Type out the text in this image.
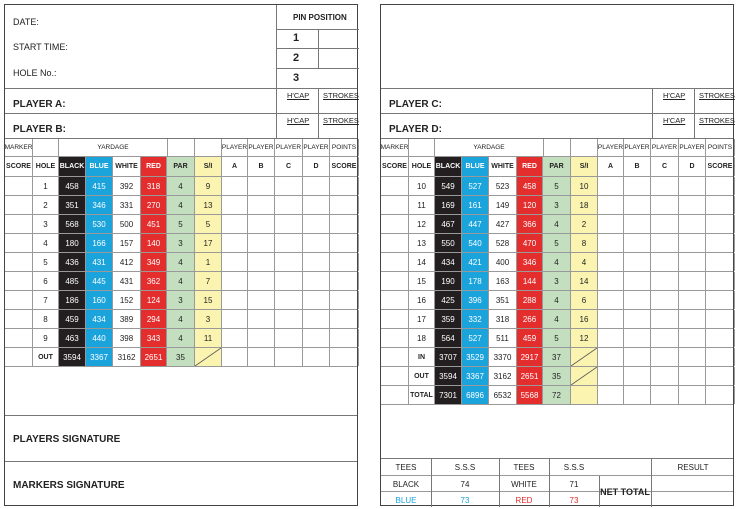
DATE:
START TIME:
HOLE No.:
PIN POSITION
1
2
3
PLAYER A:
H'CAP STROKES
PLAYER B:
H'CAP STROKES
MARKER	YARDAGE	PLAYER PLAYER PLAYER PLAYER POINTS
SCORE HOLE BLACK BLUE WHITE	RED	PAR	S/I	A	B	C	D	SCORE
1	458	415	392	318	4	9
2	351	346	331	270	4	13
3	568	530	500	451	5	5
4	180	166	157	140	3	17
5	436	431	412	349	4	1
6	485	445	431	362	4	7
7	186	160	152	124	3	15
8	459	434	389	294	4	3
9	463	440	398	343	4	11
OUT	3594	3367	3162	2651	35
PLAYERS SIGNATURE
MARKERS SIGNATURE
PLAYER C:
H'CAP STROKES
PLAYER D:
H'CAP STROKES
MARKER	YARDAGE	PLAYER PLAYER PLAYER PLAYER POINTS
SCORE HOLE BLACK BLUE WHITE	RED	PAR	S/I	A	B	C	D	SCORE
10	549	527	523	458	5	10
11	169	161	149	120	3	18
12	467	447	427	366	4	2
13	550	540	528	470	5	8
14	434	421	400	346	4	4
15	190	178	163	144	3	14
16	425	396	351	288	4	6
17	359	332	318	266	4	16
18	564	527	511	459	5	12
IN	3707	3529	3370	2917	37
OUT	3594	3367	3162	2651	35
TOTAL 7301	6896	6532	5568	72
TEES	S.S.S	TEES	S.S.S	RESULT
BLACK	74	WHITE	71
BLUE	73	RED	73
NET TOTAL
